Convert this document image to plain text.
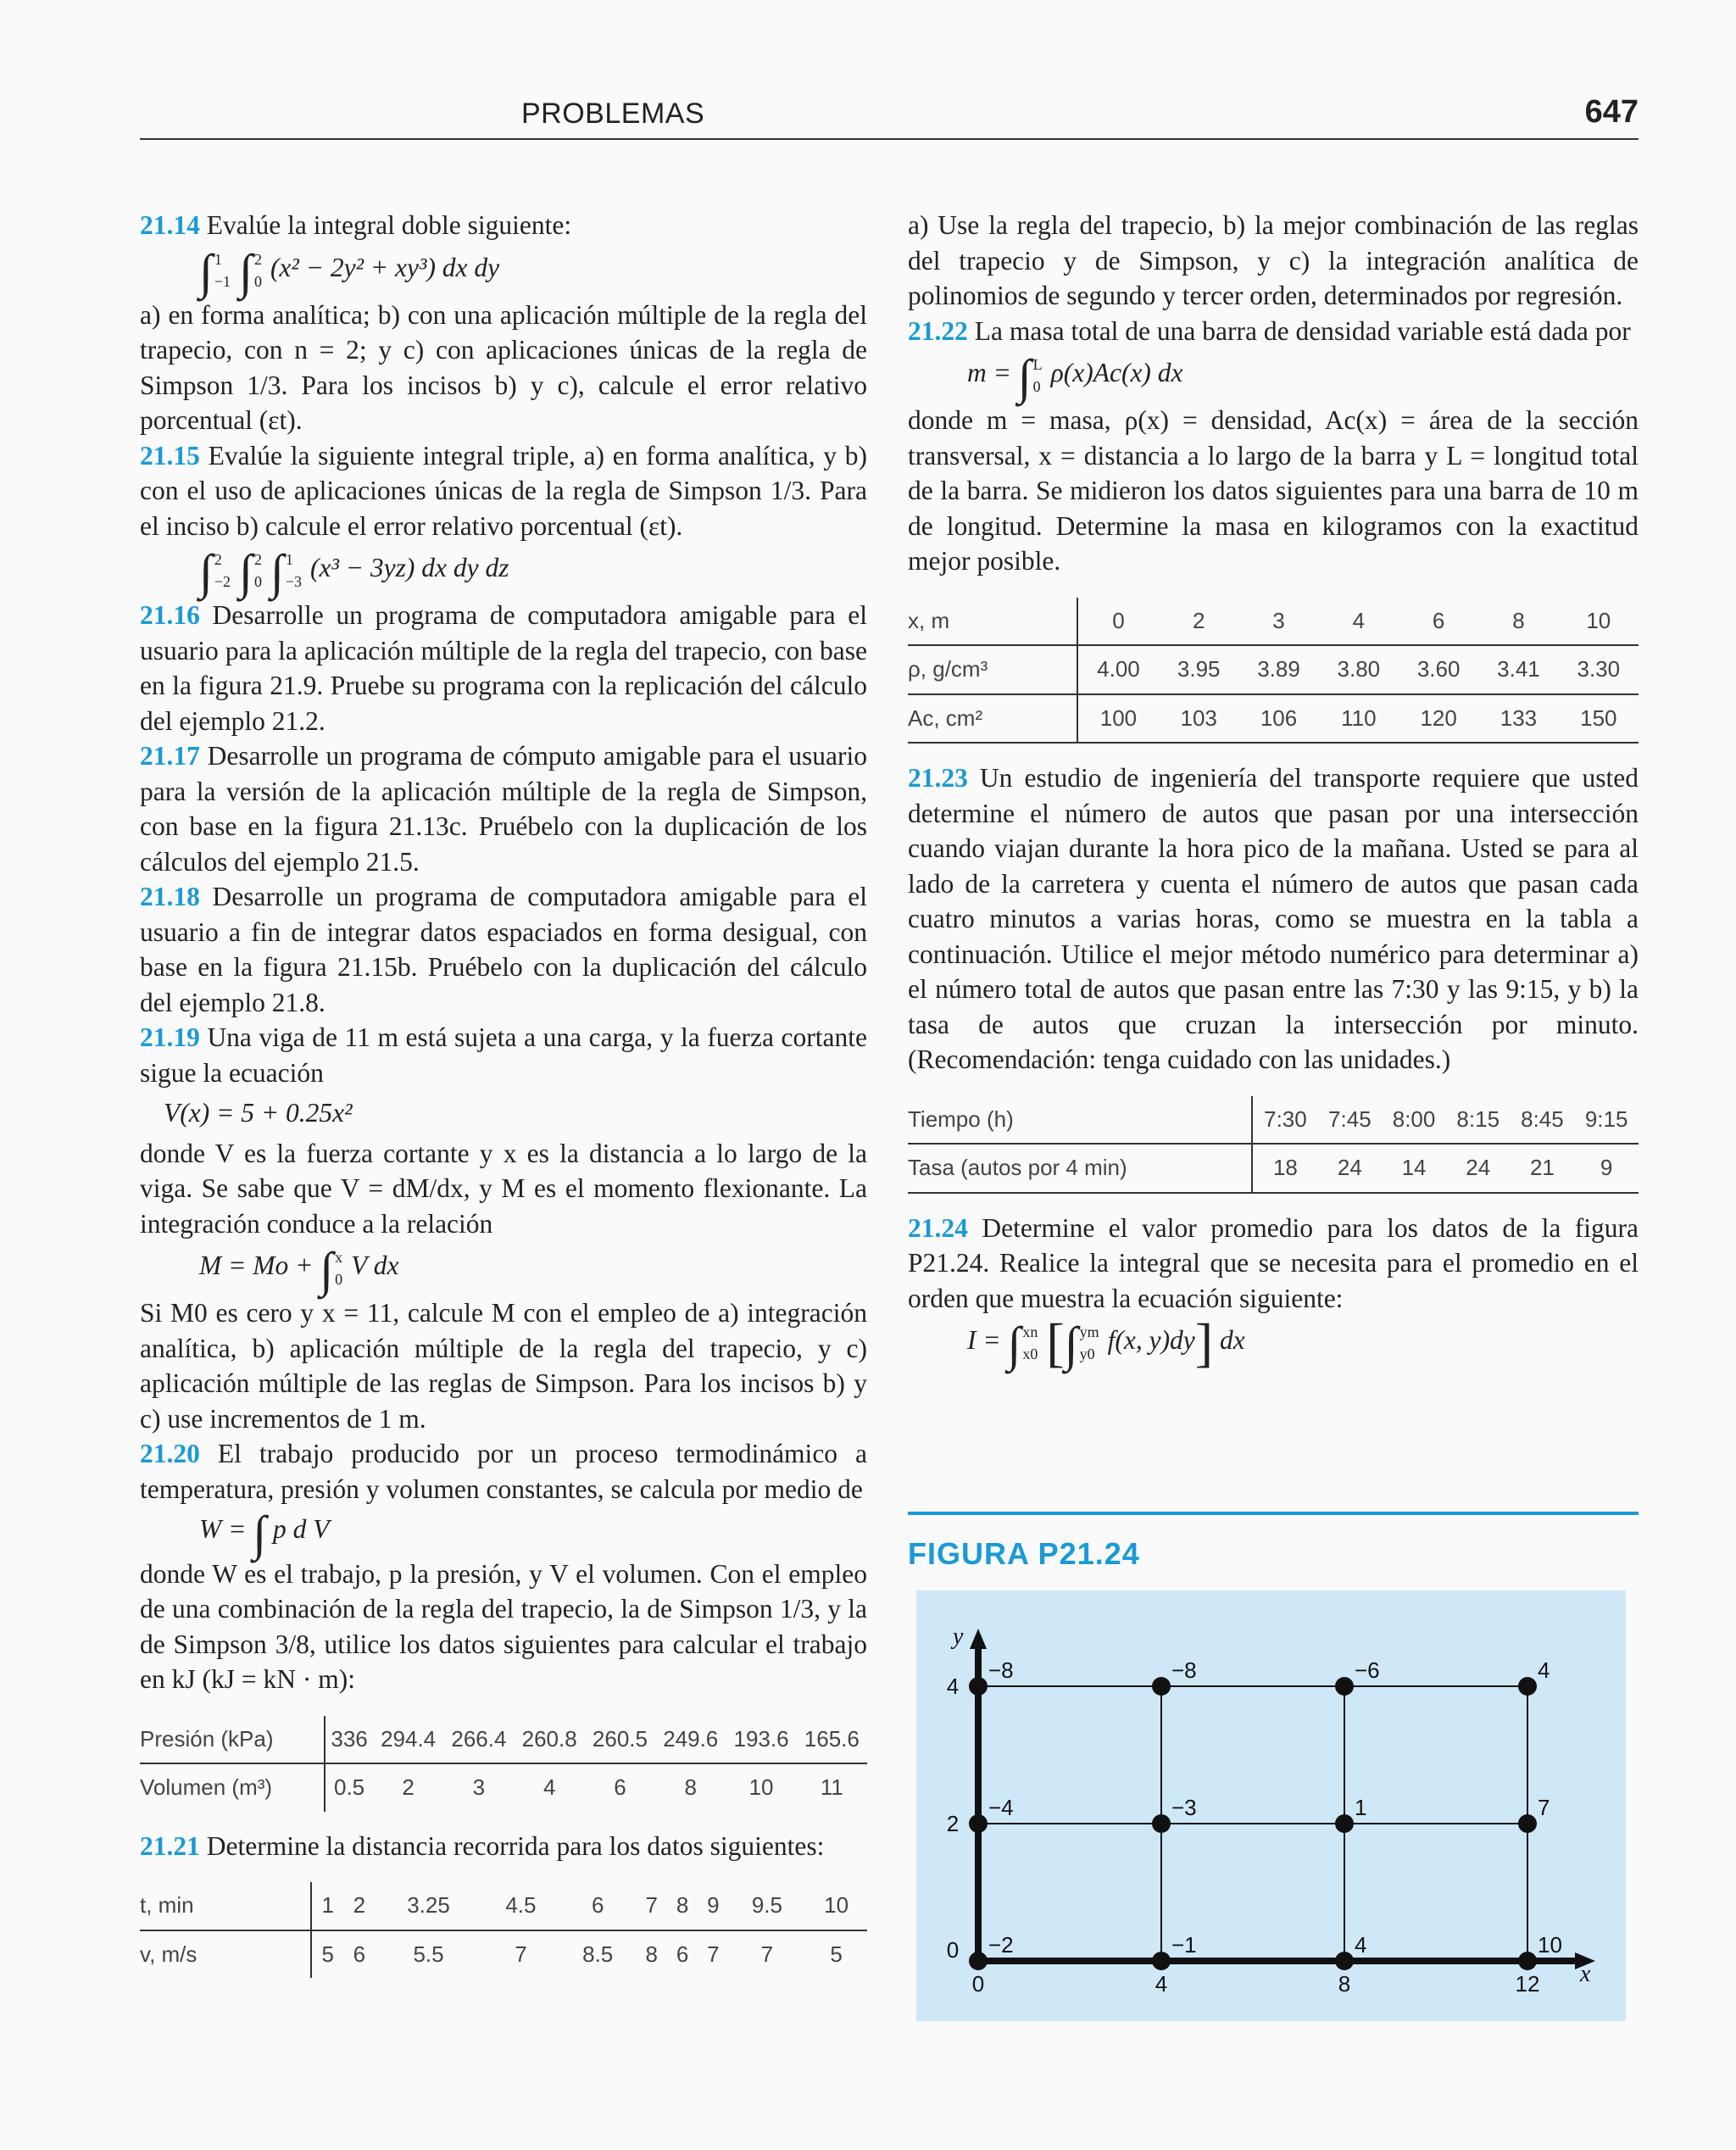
PROBLEMAS	647

21.14 Evalúe la integral doble siguiente:

∫ 1
−1 ∫ 2
0 (x² − 2y² + xy³) dx dy

a) en forma analítica; b) con una aplicación múltiple de la regla del trapecio, con n = 2; y c) con aplicaciones únicas de la regla de Simpson 1/3. Para los incisos b) y c), calcule el error relativo porcentual (εt).

21.15 Evalúe la siguiente integral triple, a) en forma analítica, y b) con el uso de aplicaciones únicas de la regla de Simpson 1/3. Para el inciso b) calcule el error relativo porcentual (εt).

∫ 2
−2 ∫ 2
0 ∫ 1
−3 (x³ − 3yz) dx dy dz

21.16 Desarrolle un programa de computadora amigable para el usuario para la aplicación múltiple de la regla del trapecio, con base en la figura 21.9. Pruebe su programa con la replicación del cálculo del ejemplo 21.2.

21.17 Desarrolle un programa de cómputo amigable para el usuario para la versión de la aplicación múltiple de la regla de Simpson, con base en la figura 21.13c. Pruébelo con la duplicación de los cálculos del ejemplo 21.5.

21.18 Desarrolle un programa de computadora amigable para el usuario a fin de integrar datos espaciados en forma desigual, con base en la figura 21.15b. Pruébelo con la duplicación del cálculo del ejemplo 21.8.

21.19 Una viga de 11 m está sujeta a una carga, y la fuerza cortante sigue la ecuación

V(x) = 5 + 0.25x²

donde V es la fuerza cortante y x es la distancia a lo largo de la viga. Se sabe que V = dM/dx, y M es el momento flexionante. La integración conduce a la relación

M = Mo + ∫ x
0 V dx

Si M0 es cero y x = 11, calcule M con el empleo de a) integración analítica, b) aplicación múltiple de la regla del trapecio, y c) aplicación múltiple de las reglas de Simpson. Para los incisos b) y c) use incrementos de 1 m.

21.20 El trabajo producido por un proceso termodinámico a temperatura, presión y volumen constantes, se calcula por medio de

W = ∫ p d V

donde W es el trabajo, p la presión, y V el volumen. Con el empleo de una combinación de la regla del trapecio, la de Simpson 1/3, y la de Simpson 3/8, utilice los datos siguientes para calcular el trabajo en kJ (kJ = kN · m):

Presión (kPa)	336	294.4	266.4	260.8	260.5	249.6	193.6	165.6
Volumen (m³)	0.5	2	3	4	6	8	10	11

21.21 Determine la distancia recorrida para los datos siguientes:

t, min	1	2	3.25	4.5	6	7	8	9	9.5	10
v, m/s	5	6	5.5	7	8.5	8	6	7	7	5

a) Use la regla del trapecio, b) la mejor combinación de las reglas del trapecio y de Simpson, y c) la integración analítica de polinomios de segundo y tercer orden, determinados por regresión.

21.22 La masa total de una barra de densidad variable está dada por

m = ∫ L
0 ρ(x)Ac(x) dx

donde m = masa, ρ(x) = densidad, Ac(x) = área de la sección transversal, x = distancia a lo largo de la barra y L = longitud total de la barra. Se midieron los datos siguientes para una barra de 10 m de longitud. Determine la masa en kilogramos con la exactitud mejor posible.

x, m	0	2	3	4	6	8	10
ρ, g/cm³	4.00	3.95	3.89	3.80	3.60	3.41	3.30
Ac, cm²	100	103	106	110	120	133	150

21.23 Un estudio de ingeniería del transporte requiere que usted determine el número de autos que pasan por una intersección cuando viajan durante la hora pico de la mañana. Usted se para al lado de la carretera y cuenta el número de autos que pasan cada cuatro minutos a varias horas, como se muestra en la tabla a continuación. Utilice el mejor método numérico para determinar a) el número total de autos que pasan entre las 7:30 y las 9:15, y b) la tasa de autos que cruzan la intersección por minuto. (Recomendación: tenga cuidado con las unidades.)

Tiempo (h)	7:30	7:45	8:00	8:15	8:45	9:15
Tasa (autos por 4 min)	18	24	14	24	21	9

21.24 Determine el valor promedio para los datos de la figura P21.24. Realice la integral que se necesita para el promedio en el orden que muestra la ecuación siguiente:

I = ∫ xn
x0 [∫ ym
y0 f(x, y)dy] dx
FIGURA P21.24
x
y
0	4	8	12
0
2
4
−8	−8	−6	4
−4	−3	1	7
−2	−1	4	10
